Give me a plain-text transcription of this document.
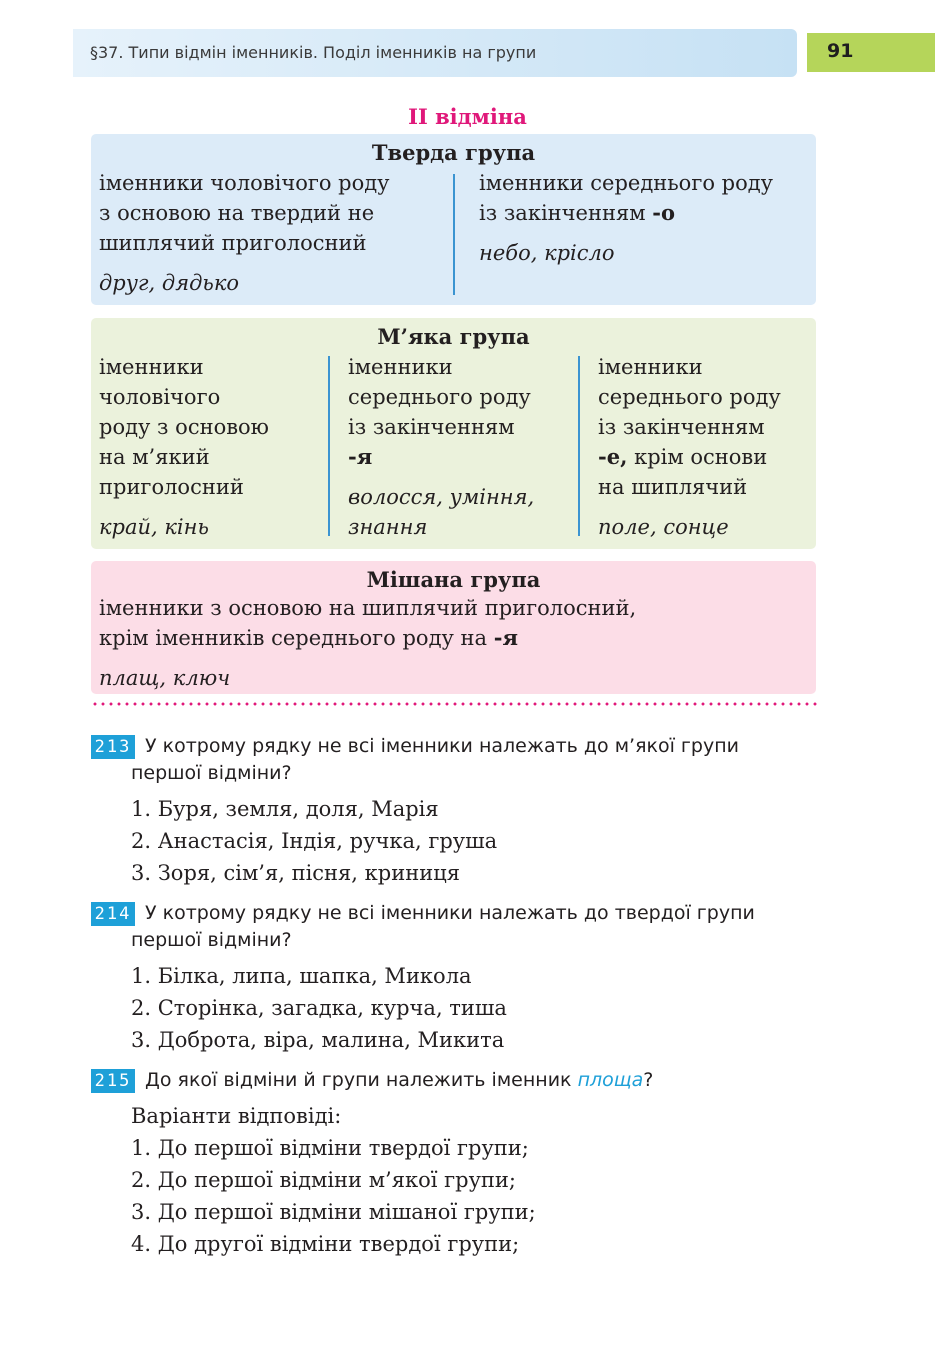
§37. Типи відмін іменників. Поділ іменників на групи	91
II відміна
Тверда група
іменники чоловічого роду
з основою на твердий не
шиплячий приголосний
друг, дядько
іменники середнього роду
із закінченням -о
небо, крісло
М’яка група
іменники
чоловічого
роду з основою
на м’який
приголосний
край, кінь
іменники
середнього роду
із закінченням
-я
волосся, уміння,
знання
іменники
середнього роду
із закінченням
-е, крім основи
на шиплячий
поле, сонце
Мішана група
іменники з основою на шиплячий приголосний,
крім іменників середнього роду на -я
плащ, ключ
213 У котрому рядку не всі іменники належать до м’якої групи
першої відміни?
1. Буря, земля, доля, Марія
2. Анастасія, Індія, ручка, груша
3. Зоря, сім’я, пісня, криниця
214 У котрому рядку не всі іменники належать до твердої групи
першої відміни?
1. Білка, липа, шапка, Микола
2. Сторінка, загадка, курча, тиша
3. Доброта, віра, малина, Микита
215 До якої відміни й групи належить іменник площа?
Варіанти відповіді:
1. До першої відміни твердої групи;
2. До першої відміни м’якої групи;
3. До першої відміни мішаної групи;
4. До другої відміни твердої групи;
